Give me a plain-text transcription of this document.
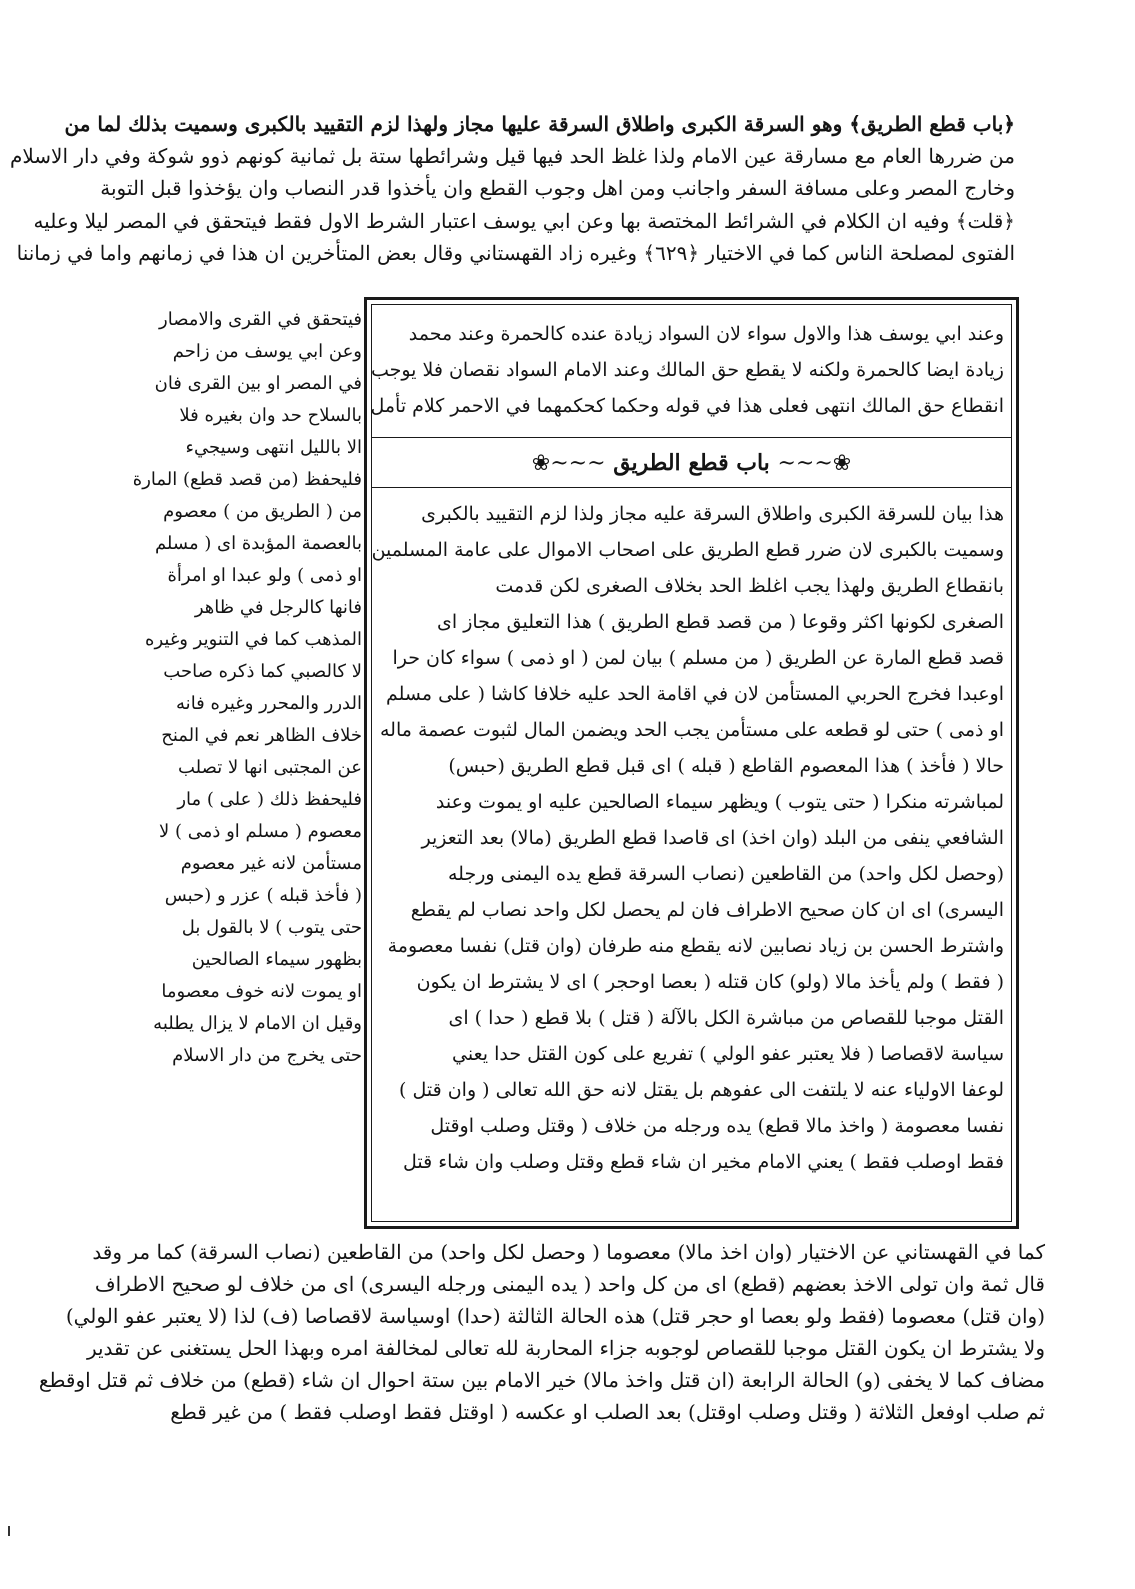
﴿باب قطع الطريق﴾ وهو السرقة الكبرى واطلاق السرقة عليها مجاز ولهذا لزم التقييد بالكبرى وسميت بذلك لما من
من ضررها العام مع مسارقة عين الامام ولذا غلظ الحد فيها قيل وشرائطها ستة بل ثمانية كونهم ذوو شوكة وفي دار الاسلام
وخارج المصر وعلى مسافة السفر واجانب ومن اهل وجوب القطع وان يأخذوا قدر النصاب وان يؤخذوا قبل التوبة
﴿قلت﴾ وفيه ان الكلام في الشرائط المختصة بها وعن ابي يوسف اعتبار الشرط الاول فقط فيتحقق في المصر ليلا وعليه
الفتوى لمصلحة الناس كما في الاختيار ﴿٦٢٩﴾ وغيره زاد القهستاني وقال بعض المتأخرين ان هذا في زمانهم واما في زماننا
فيتحقق في القرى والامصار
وعن ابي يوسف من زاحم
في المصر او بين القرى فان
بالسلاح حد وان بغيره فلا
الا بالليل انتهى وسيجيء
فليحفظ (من قصد قطع) المارة
من ( الطريق من ) معصوم
بالعصمة المؤبدة اى ( مسلم
او ذمى ) ولو عبدا او امرأة
فانها كالرجل في ظاهر
المذهب كما في التنوير وغيره
لا كالصبي كما ذكره صاحب
الدرر والمحرر وغيره فانه
خلاف الظاهر نعم في المنح
عن المجتبى انها لا تصلب
فليحفظ ذلك ( على ) مار
معصوم ( مسلم او ذمى ) لا
مستأمن لانه غير معصوم
( فأخذ قبله ) عزر و (حبس
حتى يتوب ) لا بالقول بل
بظهور سيماء الصالحين
او يموت لانه خوف معصوما
وقيل ان الامام لا يزال يطلبه
حتى يخرج من دار الاسلام
وعند ابي يوسف هذا والاول سواء لان السواد زيادة عنده كالحمرة وعند محمد
زيادة ايضا كالحمرة ولكنه لا يقطع حق المالك وعند الامام السواد نقصان فلا يوجب
انقطاع حق المالك انتهى فعلى هذا في قوله وحكما كحكمهما في الاحمر كلام تأمل
❀~~~ باب قطع الطريق ~~~❀
هذا بيان للسرقة الكبرى واطلاق السرقة عليه مجاز ولذا لزم التقييد بالكبرى
وسميت بالكبرى لان ضرر قطع الطريق على اصحاب الاموال على عامة المسلمين
بانقطاع الطريق ولهذا يجب اغلظ الحد بخلاف الصغرى لكن قدمت
الصغرى لكونها اكثر وقوعا ( من قصد قطع الطريق ) هذا التعليق مجاز اى
قصد قطع المارة عن الطريق ( من مسلم ) بيان لمن ( او ذمى ) سواء كان حرا
اوعبدا فخرج الحربي المستأمن لان في اقامة الحد عليه خلافا كاشا ( على مسلم
او ذمى ) حتى لو قطعه على مستأمن يجب الحد ويضمن المال لثبوت عصمة ماله
حالا ( فأخذ ) هذا المعصوم القاطع ( قبله ) اى قبل قطع الطريق (حبس)
لمباشرته منكرا ( حتى يتوب ) ويظهر سيماء الصالحين عليه او يموت وعند
الشافعي ينفى من البلد (وان اخذ) اى قاصدا قطع الطريق (مالا) بعد التعزير
(وحصل لكل واحد) من القاطعين (نصاب السرقة قطع يده اليمنى ورجله
اليسرى) اى ان كان صحيح الاطراف فان لم يحصل لكل واحد نصاب لم يقطع
واشترط الحسن بن زياد نصابين لانه يقطع منه طرفان (وان قتل) نفسا معصومة
( فقط ) ولم يأخذ مالا (ولو) كان قتله ( بعصا اوحجر ) اى لا يشترط ان يكون
القتل موجبا للقصاص من مباشرة الكل بالآلة ( قتل ) بلا قطع ( حدا ) اى
سياسة لاقصاصا ( فلا يعتبر عفو الولي ) تفريع على كون القتل حدا يعني
لوعفا الاولياء عنه لا يلتفت الى عفوهم بل يقتل لانه حق الله تعالى ( وان قتل )
نفسا معصومة ( واخذ مالا قطع) يده ورجله من خلاف ( وقتل وصلب اوقتل
فقط اوصلب فقط ) يعني الامام مخير ان شاء قطع وقتل وصلب وان شاء قتل
كما في القهستاني عن الاختيار (وان اخذ مالا) معصوما ( وحصل لكل واحد) من القاطعين (نصاب السرقة) كما مر وقد
قال ثمة وان تولى الاخذ بعضهم (قطع) اى من كل واحد ( يده اليمنى ورجله اليسرى) اى من خلاف لو صحيح الاطراف
(وان قتل) معصوما (فقط ولو بعصا او حجر قتل) هذه الحالة الثالثة (حدا) اوسياسة لاقصاصا (ف) لذا (لا يعتبر عفو الولي)
ولا يشترط ان يكون القتل موجبا للقصاص لوجوبه جزاء المحاربة لله تعالى لمخالفة امره وبهذا الحل يستغنى عن تقدير
مضاف كما لا يخفى (و) الحالة الرابعة (ان قتل واخذ مالا) خير الامام بين ستة احوال ان شاء (قطع) من خلاف ثم قتل اوقطع
ثم صلب اوفعل الثلاثة ( وقتل وصلب اوقتل) بعد الصلب او عكسه ( اوقتل فقط اوصلب فقط ) من غير قطع
